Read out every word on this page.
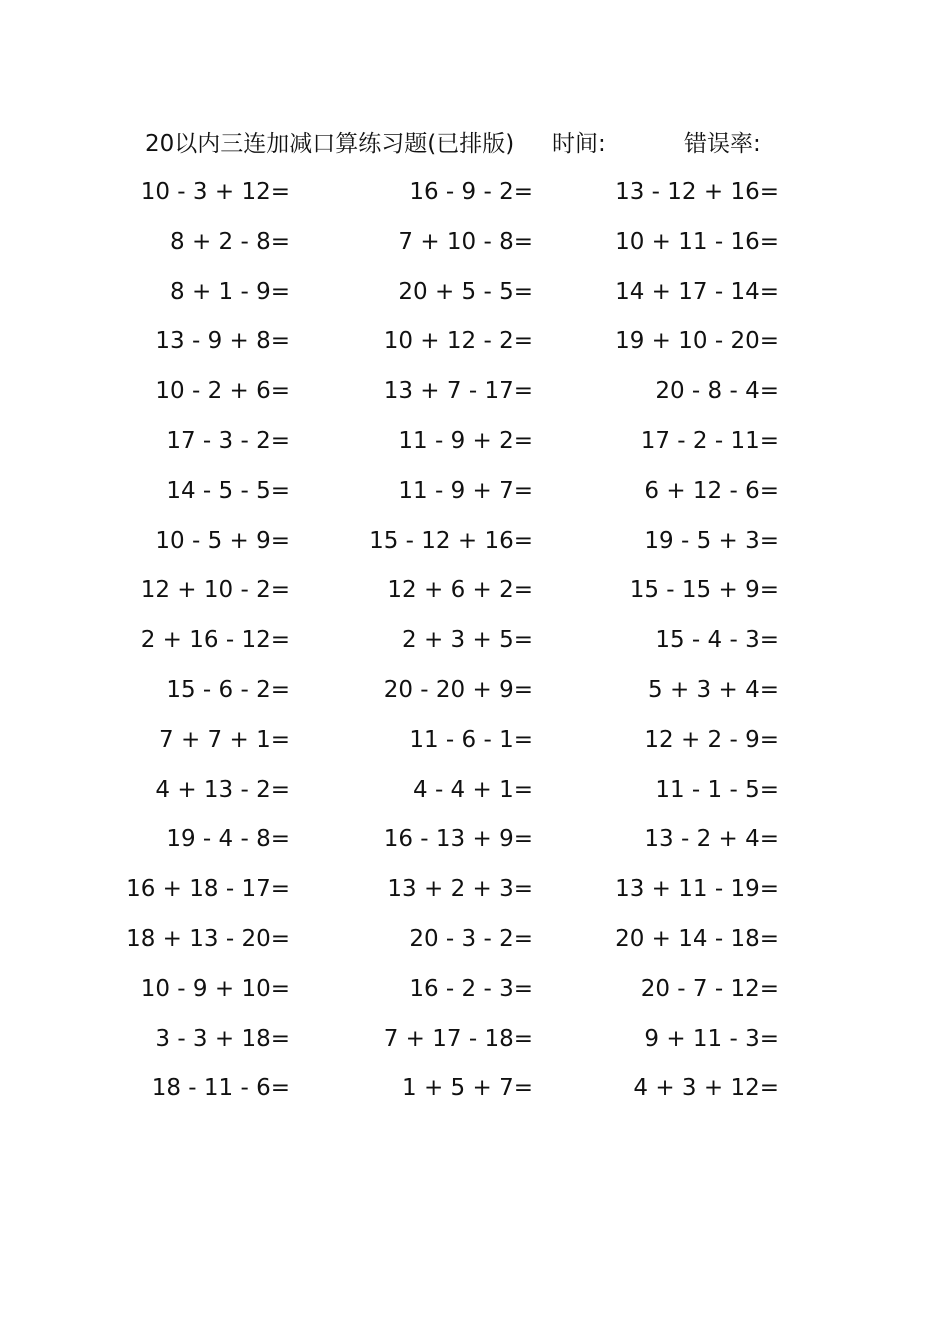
20以内三连加减口算练习题(已排版) 时间:	错误率:
10 - 3 + 12=	16 - 9 - 2=	13 - 12 + 16=
8 + 2 - 8=	7 + 10 - 8=	10 + 11 - 16=
8 + 1 - 9=	20 + 5 - 5=	14 + 17 - 14=
13 - 9 + 8=	10 + 12 - 2=	19 + 10 - 20=
10 - 2 + 6=	13 + 7 - 17=	20 - 8 - 4=
17 - 3 - 2=	11 - 9 + 2=	17 - 2 - 11=
14 - 5 - 5=	11 - 9 + 7=	6 + 12 - 6=
10 - 5 + 9=	15 - 12 + 16=	19 - 5 + 3=
12 + 10 - 2=	12 + 6 + 2=	15 - 15 + 9=
2 + 16 - 12=	2 + 3 + 5=	15 - 4 - 3=
15 - 6 - 2=	20 - 20 + 9=	5 + 3 + 4=
7 + 7 + 1=	11 - 6 - 1=	12 + 2 - 9=
4 + 13 - 2=	4 - 4 + 1=	11 - 1 - 5=
19 - 4 - 8=	16 - 13 + 9=	13 - 2 + 4=
16 + 18 - 17=	13 + 2 + 3=	13 + 11 - 19=
18 + 13 - 20=	20 - 3 - 2=	20 + 14 - 18=
10 - 9 + 10=	16 - 2 - 3=	20 - 7 - 12=
3 - 3 + 18=	7 + 17 - 18=	9 + 11 - 3=
18 - 11 - 6=	1 + 5 + 7=	4 + 3 + 12=
